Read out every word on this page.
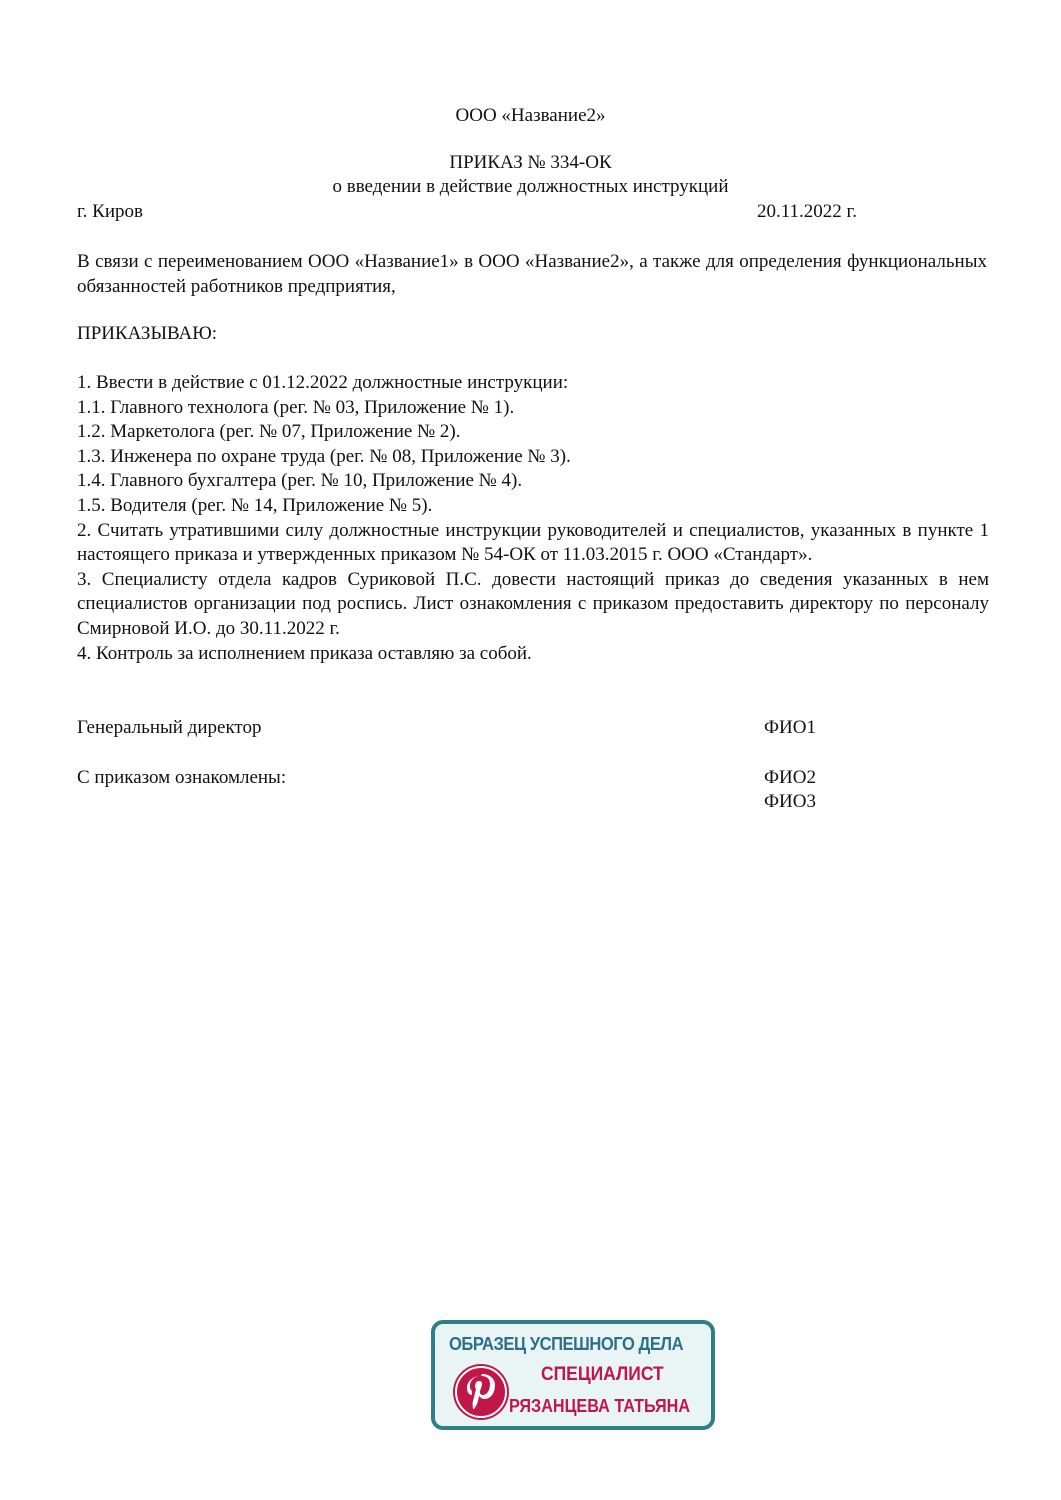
ООО «Название2»
ПРИКАЗ № 334-ОК
о введении в действие должностных инструкций
г. Киров	20.11.2022 г.

В связи с переименованием ООО «Название1» в ООО «Название2», а также для определения функциональных обязанностей работников предприятия,

ПРИКАЗЫВАЮ:
1. Ввести в действие с 01.12.2022 должностные инструкции:
1.1. Главного технолога (рег. № 03, Приложение № 1).
1.2. Маркетолога (рег. № 07, Приложение № 2).
1.3. Инженера по охране труда (рег. № 08, Приложение № 3).
1.4. Главного бухгалтера (рег. № 10, Приложение № 4).
1.5. Водителя (рег. № 14, Приложение № 5).
2. Считать утратившими силу должностные инструкции руководителей и специалистов, указанных в пункте 1 настоящего приказа и утвержденных приказом № 54-ОК от 11.03.2015 г. ООО «Стандарт».
3. Специалисту отдела кадров Суриковой П.С. довести настоящий приказ до сведения указанных в нем специалистов организации под роспись. Лист ознакомления с приказом предоставить директору по персоналу Смирновой И.О. до 30.11.2022 г.
4. Контроль за исполнением приказа оставляю за собой.
Генеральный директор	ФИО1
С приказом ознакомлены:	ФИО2
ФИО3
ОБРАЗЕЦ УСПЕШНОГО ДЕЛА
СПЕЦИАЛИСТ
РЯЗАНЦЕВА ТАТЬЯНА
